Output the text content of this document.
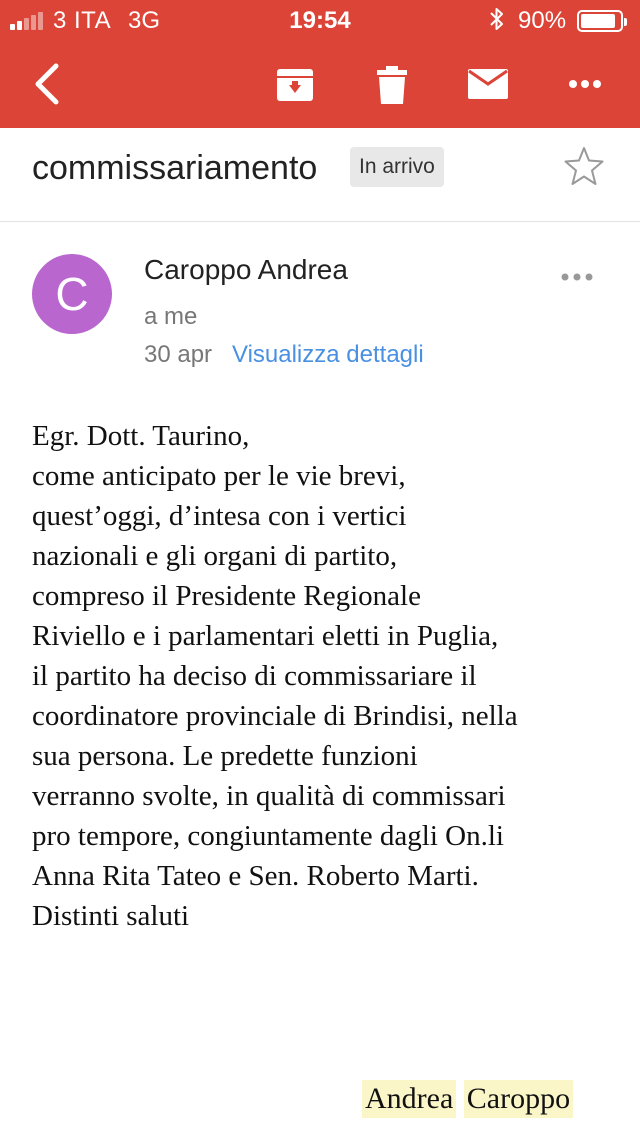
3 ITA 3G	19:54	90%
commissariamento	In arrivo
C	Caroppo Andrea
a me
30 apr Visualizza dettagli
Egr. Dott. Taurino,
come anticipato per le vie brevi,
quest’oggi, d’intesa con i vertici
nazionali e gli organi di partito,
compreso il Presidente Regionale
Riviello e i parlamentari eletti in Puglia,
il partito ha deciso di commissariare il
coordinatore provinciale di Brindisi, nella
sua persona. Le predette funzioni
verranno svolte, in qualità di commissari
pro tempore, congiuntamente dagli On.li
Anna Rita Tateo e Sen. Roberto Marti.
Distinti saluti
Andrea Caroppo
